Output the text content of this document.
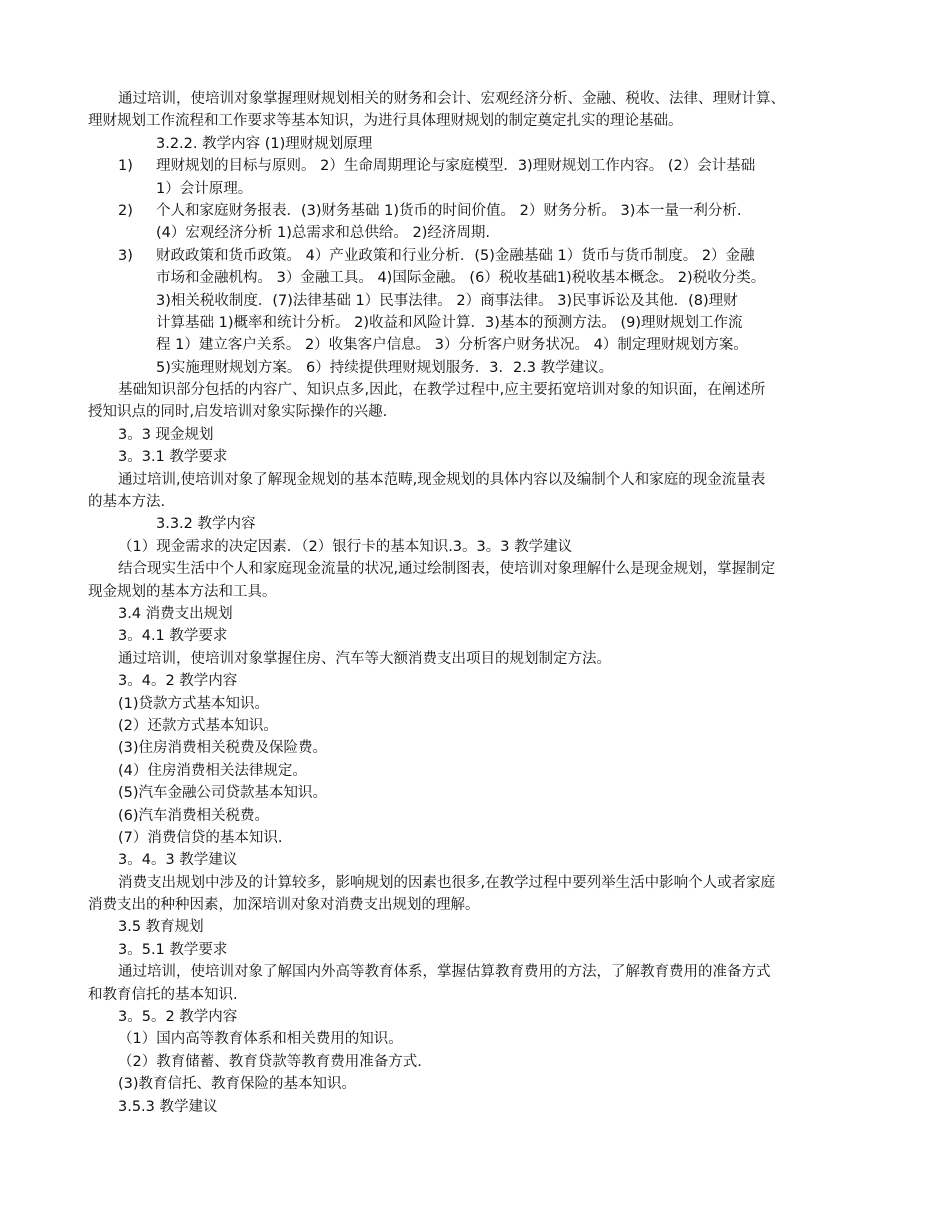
通过培训，使培训对象掌握理财规划相关的财务和会计、宏观经济分析、金融、税收、法律、理财计算、
理财规划工作流程和工作要求等基本知识，为进行具体理财规划的制定奠定扎实的理论基础。
3.2.2. 教学内容 (1)理财规划原理
1) 理财规划的目标与原则。 2）生命周期理论与家庭模型．3)理财规划工作内容。 (2）会计基础
1）会计原理。
2) 个人和家庭财务报表．(3)财务基础 1)货币的时间价值。 2）财务分析。 3)本一量一利分析.
(4）宏观经济分析 1)总需求和总供给。 2)经济周期.
3) 财政政策和货币政策。 4）产业政策和行业分析．(5)金融基础 1）货币与货币制度。 2）金融
市场和金融机构。 3）金融工具。 4)国际金融。 (6）税收基础1)税收基本概念。 2)税收分类。
3)相关税收制度．(7)法律基础 1）民事法律。 2）商事法律。 3)民事诉讼及其他．(8)理财
计算基础 1)概率和统计分析。 2)收益和风险计算．3)基本的预测方法。 (9)理财规划工作流
程 1）建立客户关系。 2）收集客户信息。 3）分析客户财务状况。 4）制定理财规划方案。
5)实施理财规划方案。 6）持续提供理财规划服务．3．2.3 教学建议。
基础知识部分包括的内容广、知识点多,因此，在教学过程中,应主要拓宽培训对象的知识面，在阐述所
授知识点的同时,启发培训对象实际操作的兴趣.
3。3 现金规划
3。3.1 教学要求
通过培训,使培训对象了解现金规划的基本范畴,现金规划的具体内容以及编制个人和家庭的现金流量表
的基本方法.
3.3.2 教学内容
（1）现金需求的决定因素．（2）银行卡的基本知识.3。3。3 教学建议
结合现实生活中个人和家庭现金流量的状况,通过绘制图表，使培训对象理解什么是现金规划，掌握制定
现金规划的基本方法和工具。
3.4 消费支出规划
3。4.1 教学要求
通过培训，使培训对象掌握住房、汽车等大额消费支出项目的规划制定方法。
3。4。2 教学内容
(1)贷款方式基本知识。
(2）还款方式基本知识。
(3)住房消费相关税费及保险费。
(4）住房消费相关法律规定。
(5)汽车金融公司贷款基本知识。
(6)汽车消费相关税费。
(7）消费信贷的基本知识.
3。4。3 教学建议
消费支出规划中涉及的计算较多，影响规划的因素也很多,在教学过程中要列举生活中影响个人或者家庭
消费支出的种种因素，加深培训对象对消费支出规划的理解。
3.5 教育规划
3。5.1 教学要求
通过培训，使培训对象了解国内外高等教育体系，掌握估算教育费用的方法，了解教育费用的准备方式
和教育信托的基本知识.
3。5。2 教学内容
（1）国内高等教育体系和相关费用的知识。
（2）教育储蓄、教育贷款等教育费用准备方式.
(3)教育信托、教育保险的基本知识。
3.5.3 教学建议
